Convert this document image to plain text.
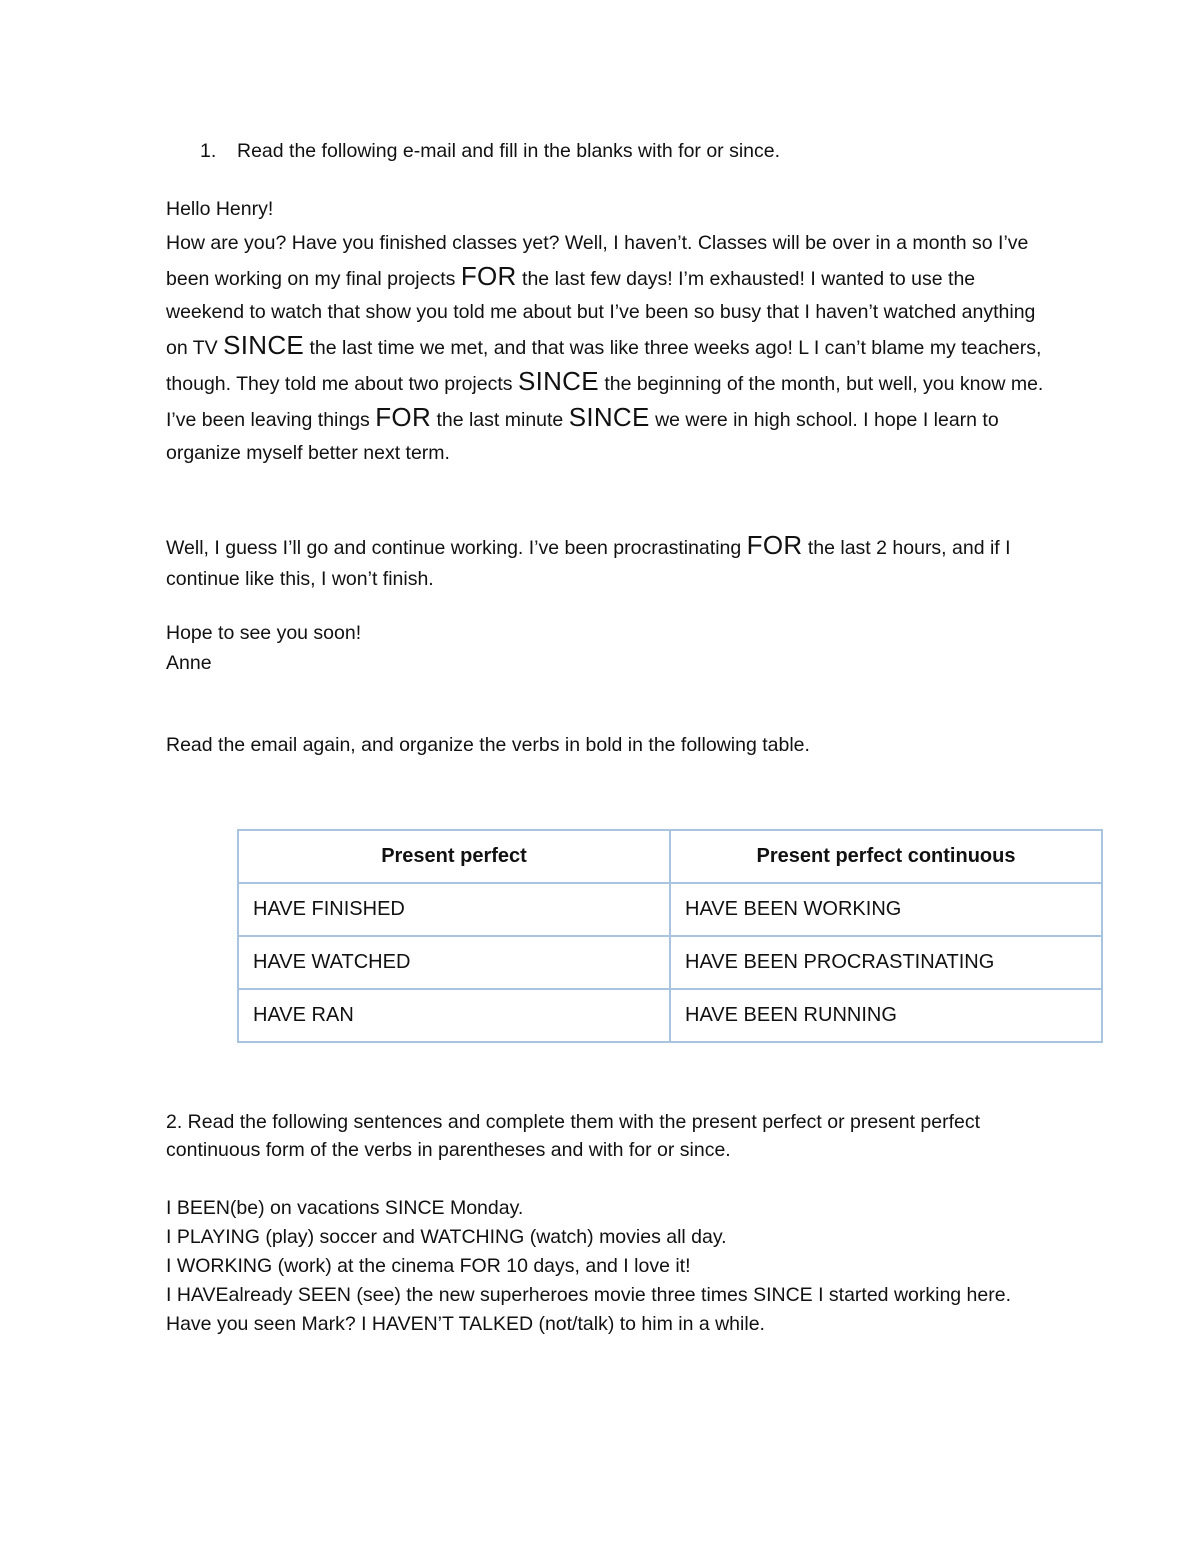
1. Read the following e-mail and fill in the blanks with for or since.
Hello Henry!
How are you? Have you finished classes yet? Well, I haven’t. Classes will be over in a month so I’ve been working on my final projects FOR the last few days! I’m exhausted! I wanted to use the weekend to watch that show you told me about but I’ve been so busy that I haven’t watched anything on TV SINCE the last time we met, and that was like three weeks ago! L I can’t blame my teachers, though. They told me about two projects SINCE the beginning of the month, but well, you know me. I’ve been leaving things FOR the last minute SINCE we were in high school. I hope I learn to organize myself better next term.
Well, I guess I’ll go and continue working. I’ve been procrastinating FOR the last 2 hours, and if I continue like this, I won’t finish.
Hope to see you soon!
Anne
Read the email again, and organize the verbs in bold in the following table.
Present perfect	Present perfect continuous
HAVE FINISHED	HAVE BEEN WORKING
HAVE WATCHED	HAVE BEEN PROCRASTINATING
HAVE RAN	HAVE BEEN RUNNING
2. Read the following sentences and complete them with the present perfect or present perfect continuous form of the verbs in parentheses and with for or since.
I BEEN(be) on vacations SINCE Monday.
I PLAYING (play) soccer and WATCHING (watch) movies all day.
I WORKING (work) at the cinema FOR 10 days, and I love it!
I HAVEalready SEEN (see) the new superheroes movie three times SINCE I started working here.
Have you seen Mark? I HAVEN’T TALKED (not/talk) to him in a while.
